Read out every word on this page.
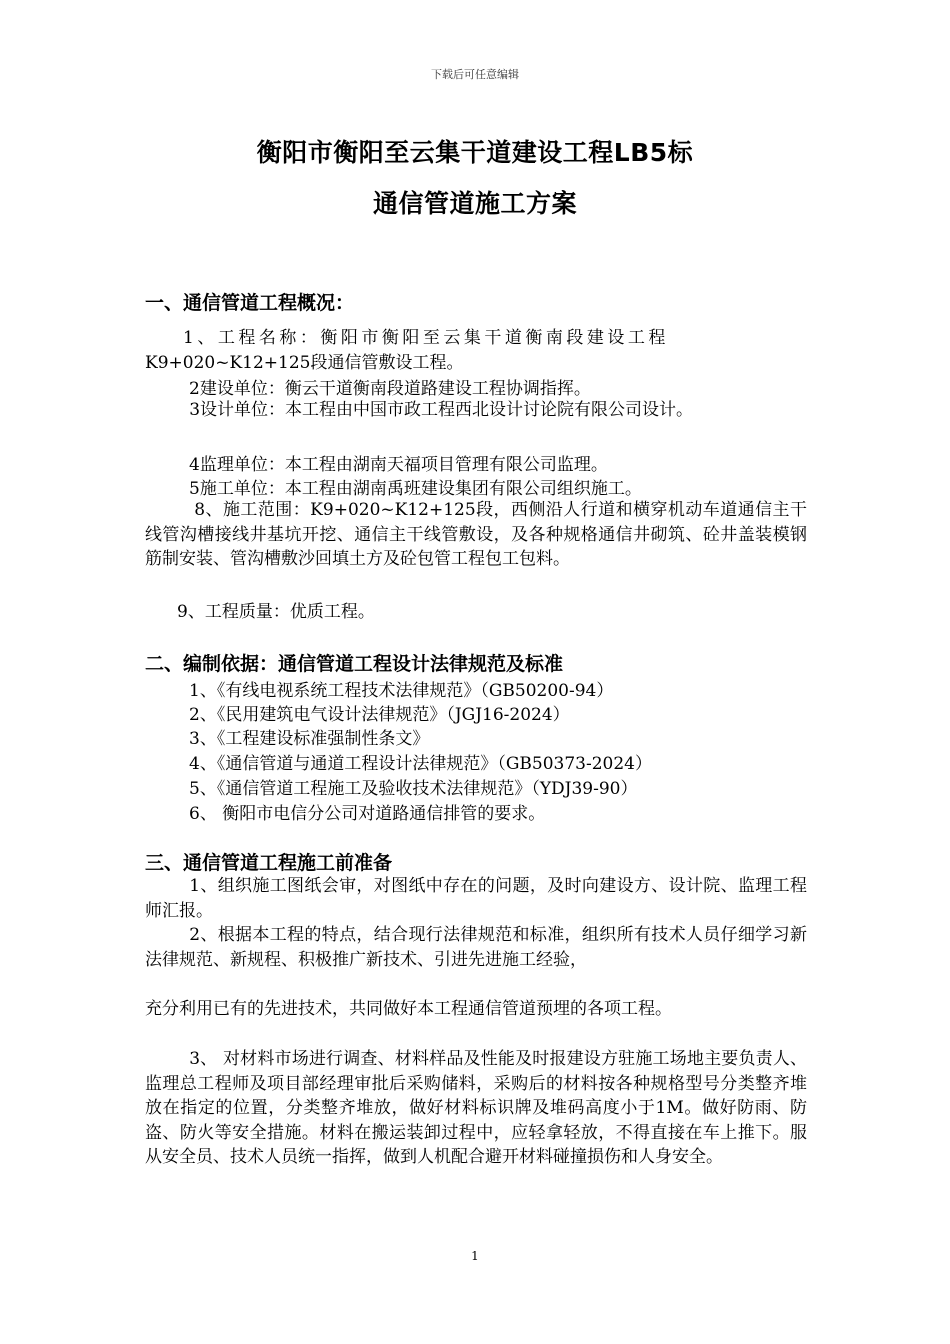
下载后可任意编辑
衡阳市衡阳至云集干道建设工程LB5标
通信管道施工方案
一、通信管道工程概况：
1、工程名称：衡阳市衡阳至云集干道衡南段建设工程
K9+020~K12+125段通信管敷设工程。
2建设单位：衡云干道衡南段道路建设工程协调指挥。
3设计单位：本工程由中国市政工程西北设计讨论院有限公司设计。
4监理单位：本工程由湖南天福项目管理有限公司监理。
5施工单位：本工程由湖南禹班建设集团有限公司组织施工。
8、施工范围：K9+020~K12+125段，西侧沿人行道和横穿机动车道通信主干线管沟槽接线井基坑开挖、通信主干线管敷设，及各种规格通信井砌筑、砼井盖装模钢筋制安装、管沟槽敷沙回填土方及砼包管工程包工包料。
9、工程质量：优质工程。
二、编制依据：通信管道工程设计法律规范及标准
1、《有线电视系统工程技术法律规范》（GB50200-94）
2、《民用建筑电气设计法律规范》（JGJ16-2024）
3、《工程建设标准强制性条文》
4、《通信管道与通道工程设计法律规范》（GB50373-2024）
5、《通信管道工程施工及验收技术法律规范》（YDJ39-90）
6、 衡阳市电信分公司对道路通信排管的要求。
三、通信管道工程施工前准备
1、组织施工图纸会审，对图纸中存在的问题，及时向建设方、设计院、监理工程师汇报。
2、根据本工程的特点，结合现行法律规范和标准，组织所有技术人员仔细学习新法律规范、新规程、积极推广新技术、引进先进施工经验，
充分利用已有的先进技术，共同做好本工程通信管道预埋的各项工程。
3、 对材料市场进行调查、材料样品及性能及时报建设方驻施工场地主要负责人、监理总工程师及项目部经理审批后采购储料，采购后的材料按各种规格型号分类整齐堆放在指定的位置，分类整齐堆放，做好材料标识牌及堆码高度小于1M。做好防雨、防盗、防火等安全措施。材料在搬运装卸过程中，应轻拿轻放，不得直接在车上推下。服从安全员、技术人员统一指挥，做到人机配合避开材料碰撞损伤和人身安全。
1
